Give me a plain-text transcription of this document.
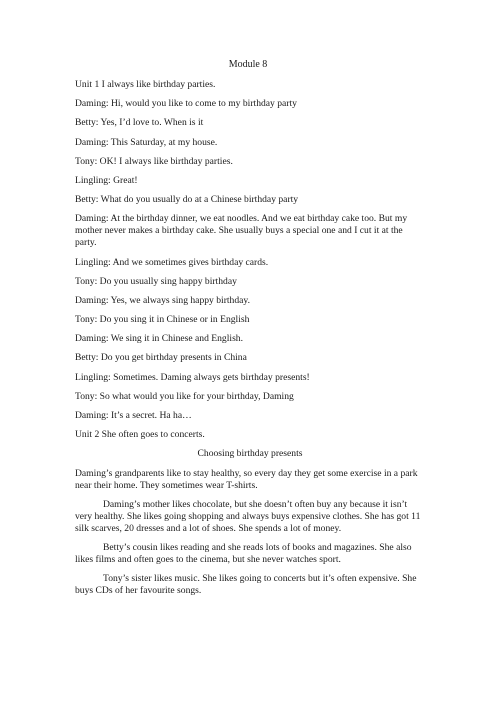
Module 8
Unit 1 I always like birthday parties.
Daming: Hi, would you like to come to my birthday party
Betty: Yes, I’d love to. When is it
Daming: This Saturday, at my house.
Tony: OK! I always like birthday parties.
Lingling: Great!
Betty: What do you usually do at a Chinese birthday party
Daming: At the birthday dinner, we eat noodles. And we eat birthday cake too. But my mother never makes a birthday cake. She usually buys a special one and I cut it at the party.
Lingling: And we sometimes gives birthday cards.
Tony: Do you usually sing happy birthday
Daming: Yes, we always sing happy birthday.
Tony: Do you sing it in Chinese or in English
Daming: We sing it in Chinese and English.
Betty: Do you get birthday presents in China
Lingling: Sometimes. Daming always gets birthday presents!
Tony: So what would you like for your birthday, Daming
Daming: It’s a secret. Ha ha…
Unit 2 She often goes to concerts.
Choosing birthday presents
Daming’s grandparents like to stay healthy, so every day they get some exercise in a park near their home. They sometimes wear T-shirts.
Daming’s mother likes chocolate, but she doesn’t often buy any because it isn’t very healthy. She likes going shopping and always buys expensive clothes. She has got 11 silk scarves, 20 dresses and a lot of shoes. She spends a lot of money.
Betty’s cousin likes reading and she reads lots of books and magazines. She also likes films and often goes to the cinema, but she never watches sport.
Tony’s sister likes music. She likes going to concerts but it’s often expensive. She buys CDs of her favourite songs.
